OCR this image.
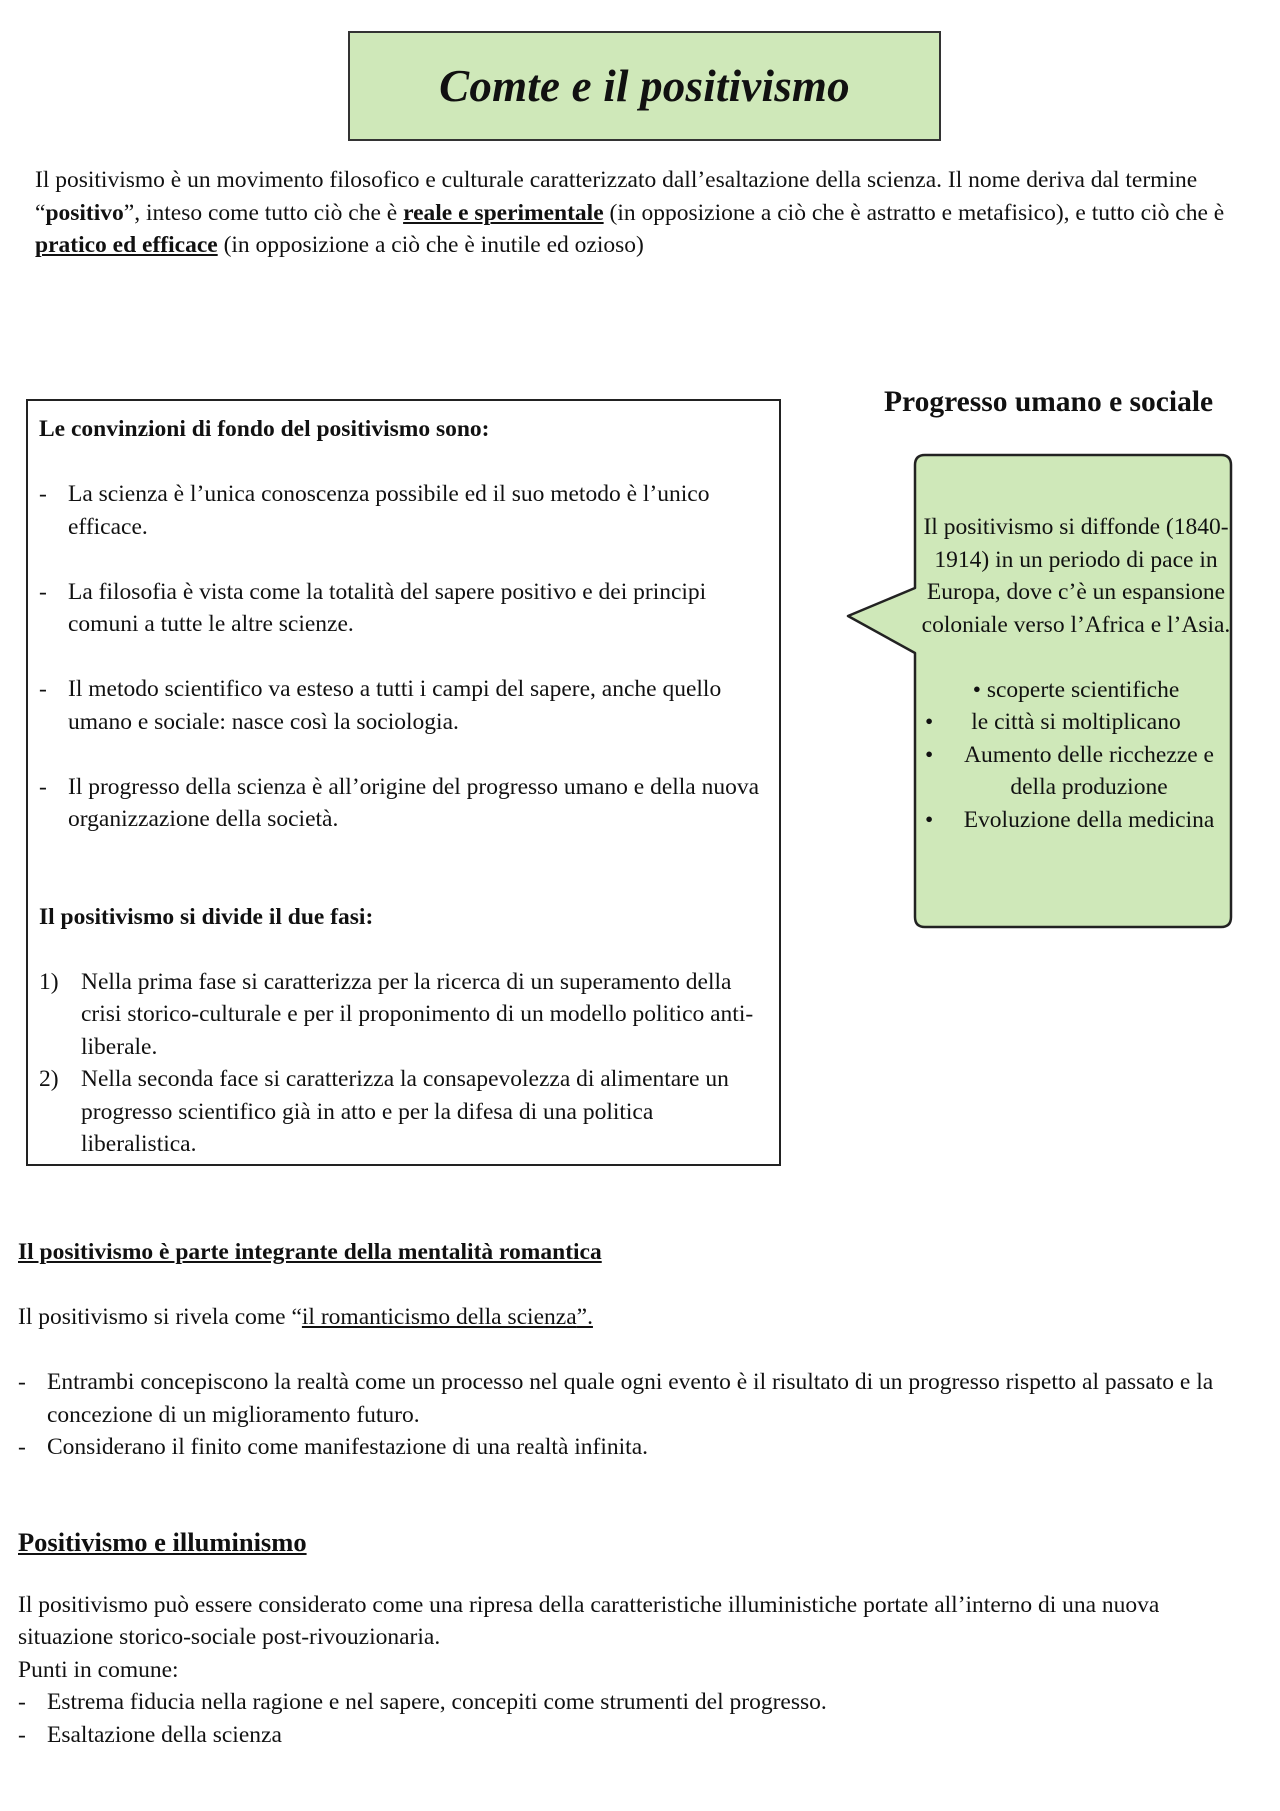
Comte e il positivismo
Il positivismo è un movimento filosofico e culturale caratterizzato dall’esaltazione della scienza. Il nome deriva dal termine “positivo”, inteso come tutto ciò che è reale e sperimentale (in opposizione a ciò che è astratto e metafisico), e tutto ciò che è pratico ed efficace (in opposizione a ciò che è inutile ed ozioso)
Le convinzioni di fondo del positivismo sono:
- La scienza è l’unica conoscenza possibile ed il suo metodo è l’unico efficace.
- La filosofia è vista come la totalità del sapere positivo e dei principi comuni a tutte le altre scienze.
- Il metodo scientifico va esteso a tutti i campi del sapere, anche quello umano e sociale: nasce così la sociologia.
- Il progresso della scienza è all’origine del progresso umano e della nuova organizzazione della società.
Il positivismo si divide il due fasi:
1) Nella prima fase si caratterizza per la ricerca di un superamento della crisi storico-culturale e per il proponimento di un modello politico anti-liberale.
2) Nella seconda face si caratterizza la consapevolezza di alimentare un progresso scientifico già in atto e per la difesa di una politica liberalistica.
Progresso umano e sociale
Il positivismo si diffonde (1840-1914) in un periodo di pace in Europa, dove c’è un espansione coloniale verso l’Africa e l’Asia.
• scoperte scientifiche
• le città si moltiplicano
• Aumento delle ricchezze e della produzione
• Evoluzione della medicina
Il positivismo è parte integrante della mentalità romantica
Il positivismo si rivela come “il romanticismo della scienza”.
- Entrambi concepiscono la realtà come un processo nel quale ogni evento è il risultato di un progresso rispetto al passato e la concezione di un miglioramento futuro.
- Considerano il finito come manifestazione di una realtà infinita.
Positivismo e illuminismo
Il positivismo può essere considerato come una ripresa della caratteristiche illuministiche portate all’interno di una nuova situazione storico-sociale post-rivouzionaria.
Punti in comune:
- Estrema fiducia nella ragione e nel sapere, concepiti come strumenti del progresso.
- Esaltazione della scienza
